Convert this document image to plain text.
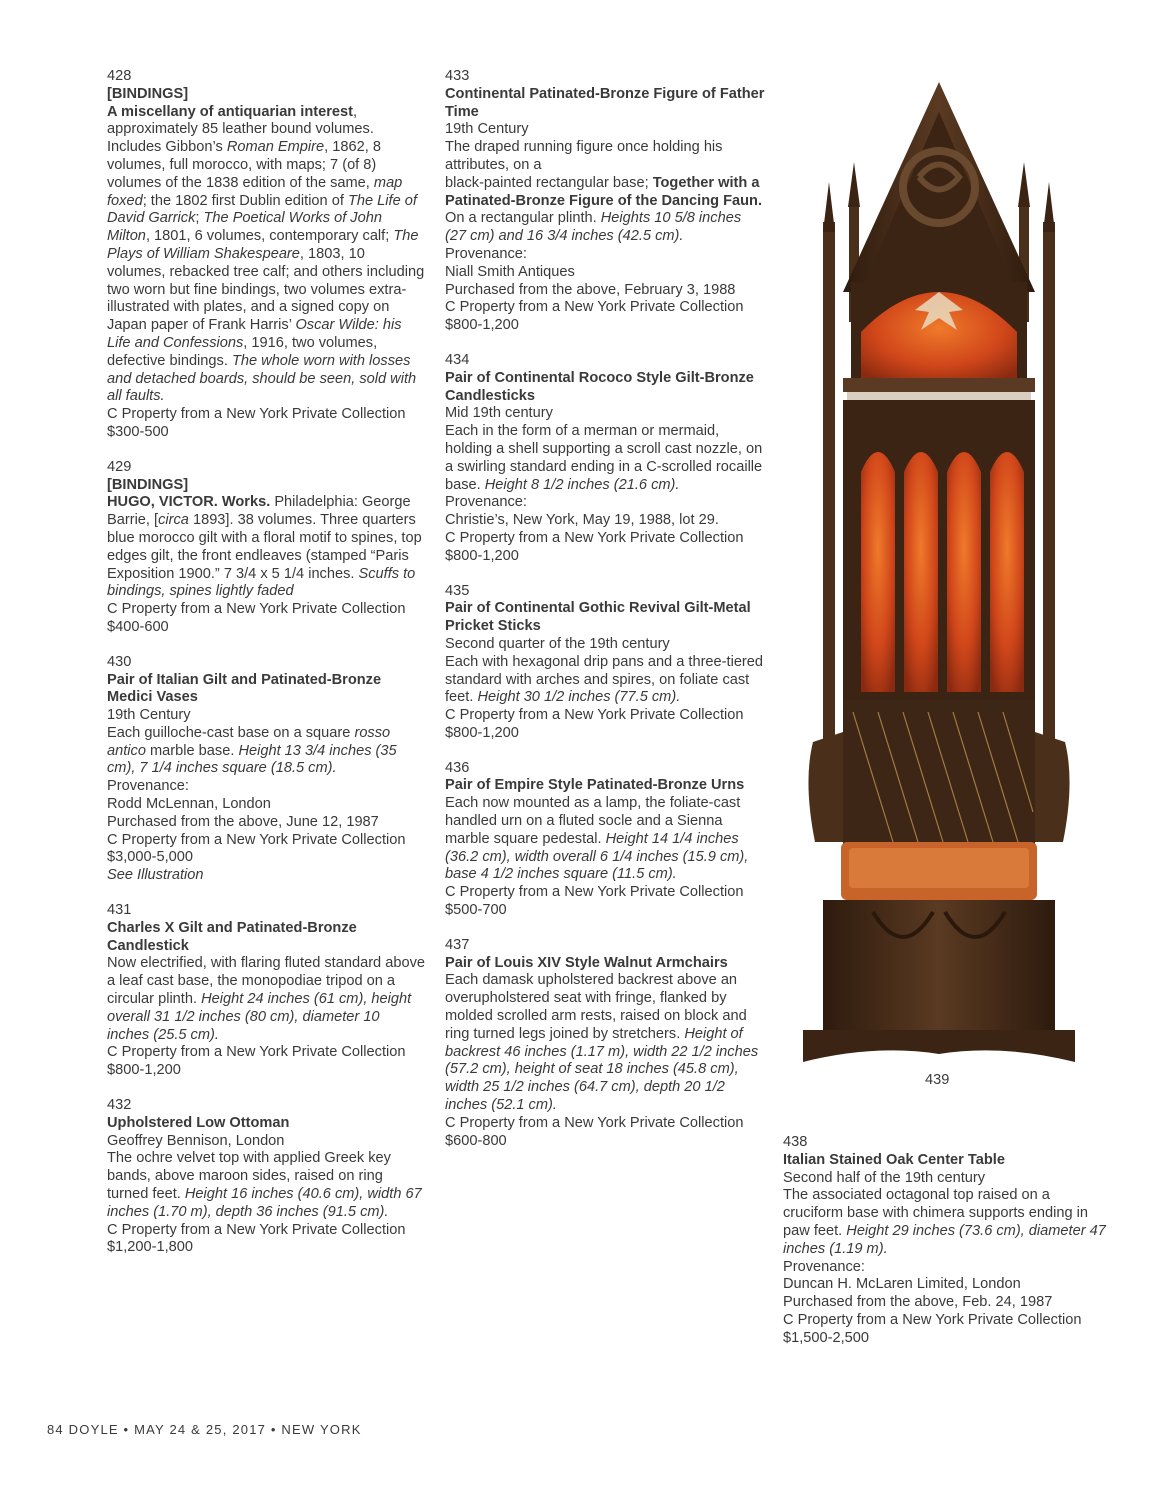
428
[BINDINGS]
A miscellany of antiquarian interest, approximately 85 leather bound volumes. Includes Gibbon’s Roman Empire, 1862, 8 volumes, full morocco, with maps; 7 (of 8) volumes of the 1838 edition of the same, map foxed; the 1802 first Dublin edition of The Life of David Garrick; The Poetical Works of John Milton, 1801, 6 volumes, contemporary calf; The Plays of William Shakespeare, 1803, 10 volumes, rebacked tree calf; and others including two worn but fine bindings, two volumes extra-illustrated with plates, and a signed copy on Japan paper of Frank Harris’ Oscar Wilde: his Life and Confessions, 1916, two volumes, defective bindings. The whole worn with losses and detached boards, should be seen, sold with all faults.
C Property from a New York Private Collection
$300-500
429
[BINDINGS]
HUGO, VICTOR. Works. Philadelphia: George Barrie, [circa 1893]. 38 volumes. Three quarters blue morocco gilt with a floral motif to spines, top edges gilt, the front endleaves (stamped “Paris Exposition 1900.” 7 3/4 x 5 1/4 inches. Scuffs to bindings, spines lightly faded
C Property from a New York Private Collection
$400-600
430
Pair of Italian Gilt and Patinated-Bronze Medici Vases
19th Century
Each guilloche-cast base on a square rosso antico marble base. Height 13 3/4 inches (35 cm), 7 1/4 inches square (18.5 cm).
Provenance:
Rodd McLennan, London
Purchased from the above, June 12, 1987
C Property from a New York Private Collection
$3,000-5,000
See Illustration
431
Charles X Gilt and Patinated-Bronze Candlestick
Now electrified, with flaring fluted standard above a leaf cast base, the monopodiae tripod on a circular plinth. Height 24 inches (61 cm), height overall 31 1/2 inches (80 cm), diameter 10 inches (25.5 cm).
C Property from a New York Private Collection
$800-1,200
432
Upholstered Low Ottoman
Geoffrey Bennison, London
The ochre velvet top with applied Greek key bands, above maroon sides, raised on ring turned feet. Height 16 inches (40.6 cm), width 67 inches (1.70 m), depth 36 inches (91.5 cm).
C Property from a New York Private Collection
$1,200-1,800
433
Continental Patinated-Bronze Figure of Father Time
19th Century
The draped running figure once holding his attributes, on a
black-painted rectangular base; Together with a Patinated-Bronze Figure of the Dancing Faun. On a rectangular plinth. Heights 10 5/8 inches (27 cm) and 16 3/4 inches (42.5 cm).
Provenance:
Niall Smith Antiques
Purchased from the above, February 3, 1988
C Property from a New York Private Collection
$800-1,200
434
Pair of Continental Rococo Style Gilt-Bronze Candlesticks
Mid 19th century
Each in the form of a merman or mermaid, holding a shell supporting a scroll cast nozzle, on a swirling standard ending in a C-scrolled rocaille base. Height 8 1/2 inches (21.6 cm).
Provenance:
Christie’s, New York, May 19, 1988, lot 29.
C Property from a New York Private Collection
$800-1,200
435
Pair of Continental Gothic Revival Gilt-Metal Pricket Sticks
Second quarter of the 19th century
Each with hexagonal drip pans and a three-tiered standard with arches and spires, on foliate cast feet. Height 30 1/2 inches (77.5 cm).
C Property from a New York Private Collection
$800-1,200
436
Pair of Empire Style Patinated-Bronze Urns
Each now mounted as a lamp, the foliate-cast handled urn on a fluted socle and a Sienna marble square pedestal. Height 14 1/4 inches (36.2 cm), width overall 6 1/4 inches (15.9 cm), base 4 1/2 inches square (11.5 cm).
C Property from a New York Private Collection
$500-700
437
Pair of Louis XIV Style Walnut Armchairs
Each damask upholstered backrest above an overupholstered seat with fringe, flanked by molded scrolled arm rests, raised on block and ring turned legs joined by stretchers. Height of backrest 46 inches (1.17 m), width 22 1/2 inches (57.2 cm), height of seat 18 inches (45.8 cm), width 25 1/2 inches (64.7 cm), depth 20 1/2 inches (52.1 cm).
C Property from a New York Private Collection
$600-800
439
438
Italian Stained Oak Center Table
Second half of the 19th century
The associated octagonal top raised on a cruciform base with chimera supports ending in paw feet. Height 29 inches (73.6 cm), diameter 47 inches (1.19 m).
Provenance:
Duncan H. McLaren Limited, London
Purchased from the above, Feb. 24, 1987
C Property from a New York Private Collection
$1,500-2,500
84 DOYLE • MAY 24 & 25, 2017 • NEW YORK
